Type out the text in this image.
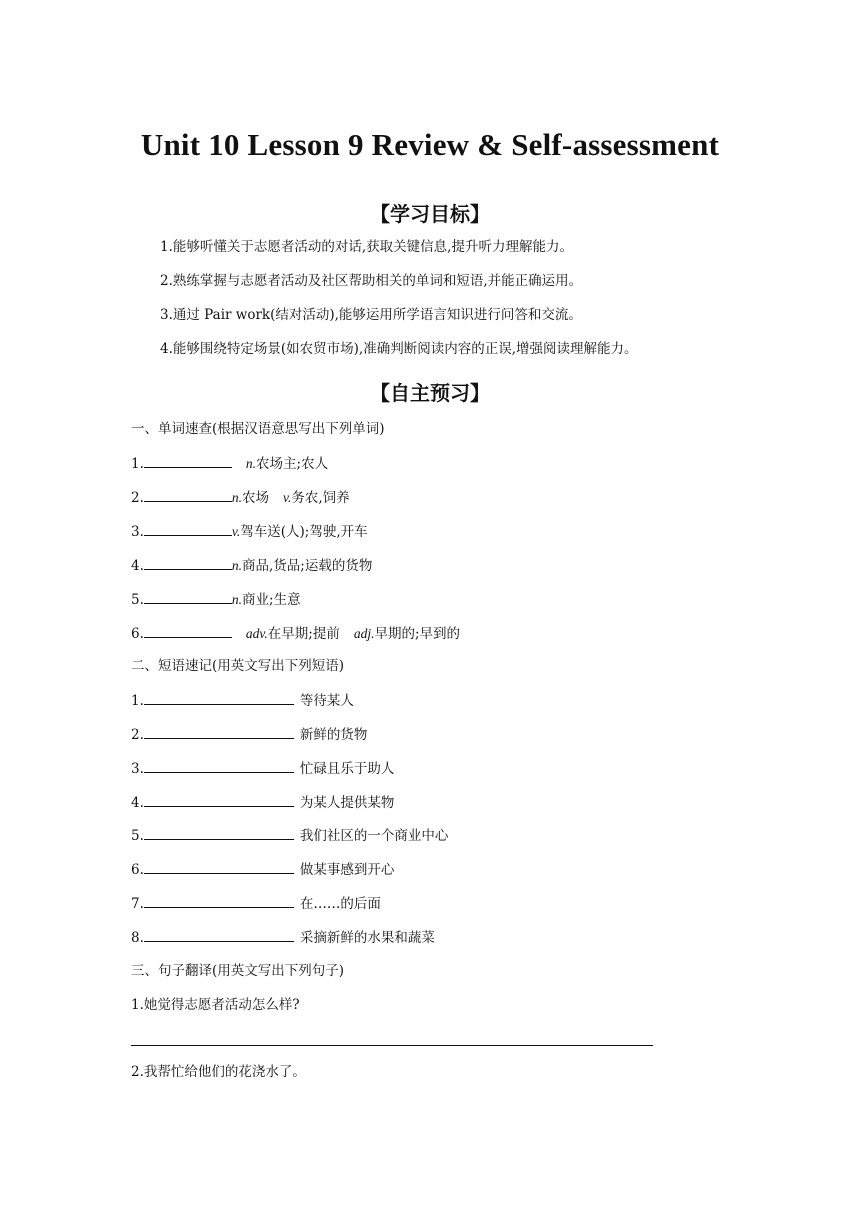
Unit 10 Lesson 9 Review & Self-assessment
【学习目标】
1.能够听懂关于志愿者活动的对话,获取关键信息,提升听力理解能力。
2.熟练掌握与志愿者活动及社区帮助相关的单词和短语,并能正确运用。
3.通过 Pair work(结对活动),能够运用所学语言知识进行问答和交流。
4.能够围绕特定场景(如农贸市场),准确判断阅读内容的正误,增强阅读理解能力。
【自主预习】
一、单词速查(根据汉语意思写出下列单词)
1.	n.农场主;农人
2.	n.农场 v.务农,饲养
3.	v.驾车送(人);驾驶,开车
4.	n.商品,货品;运载的货物
5.	n.商业;生意
6.	adv.在早期;提前 adj.早期的;早到的
二、短语速记(用英文写出下列短语)
1.	等待某人
2.	新鲜的货物
3.	忙碌且乐于助人
4.	为某人提供某物
5.	我们社区的一个商业中心
6.	做某事感到开心
7.	在……的后面
8.	采摘新鲜的水果和蔬菜
三、句子翻译(用英文写出下列句子)
1.她觉得志愿者活动怎么样?
2.我帮忙给他们的花浇水了。
